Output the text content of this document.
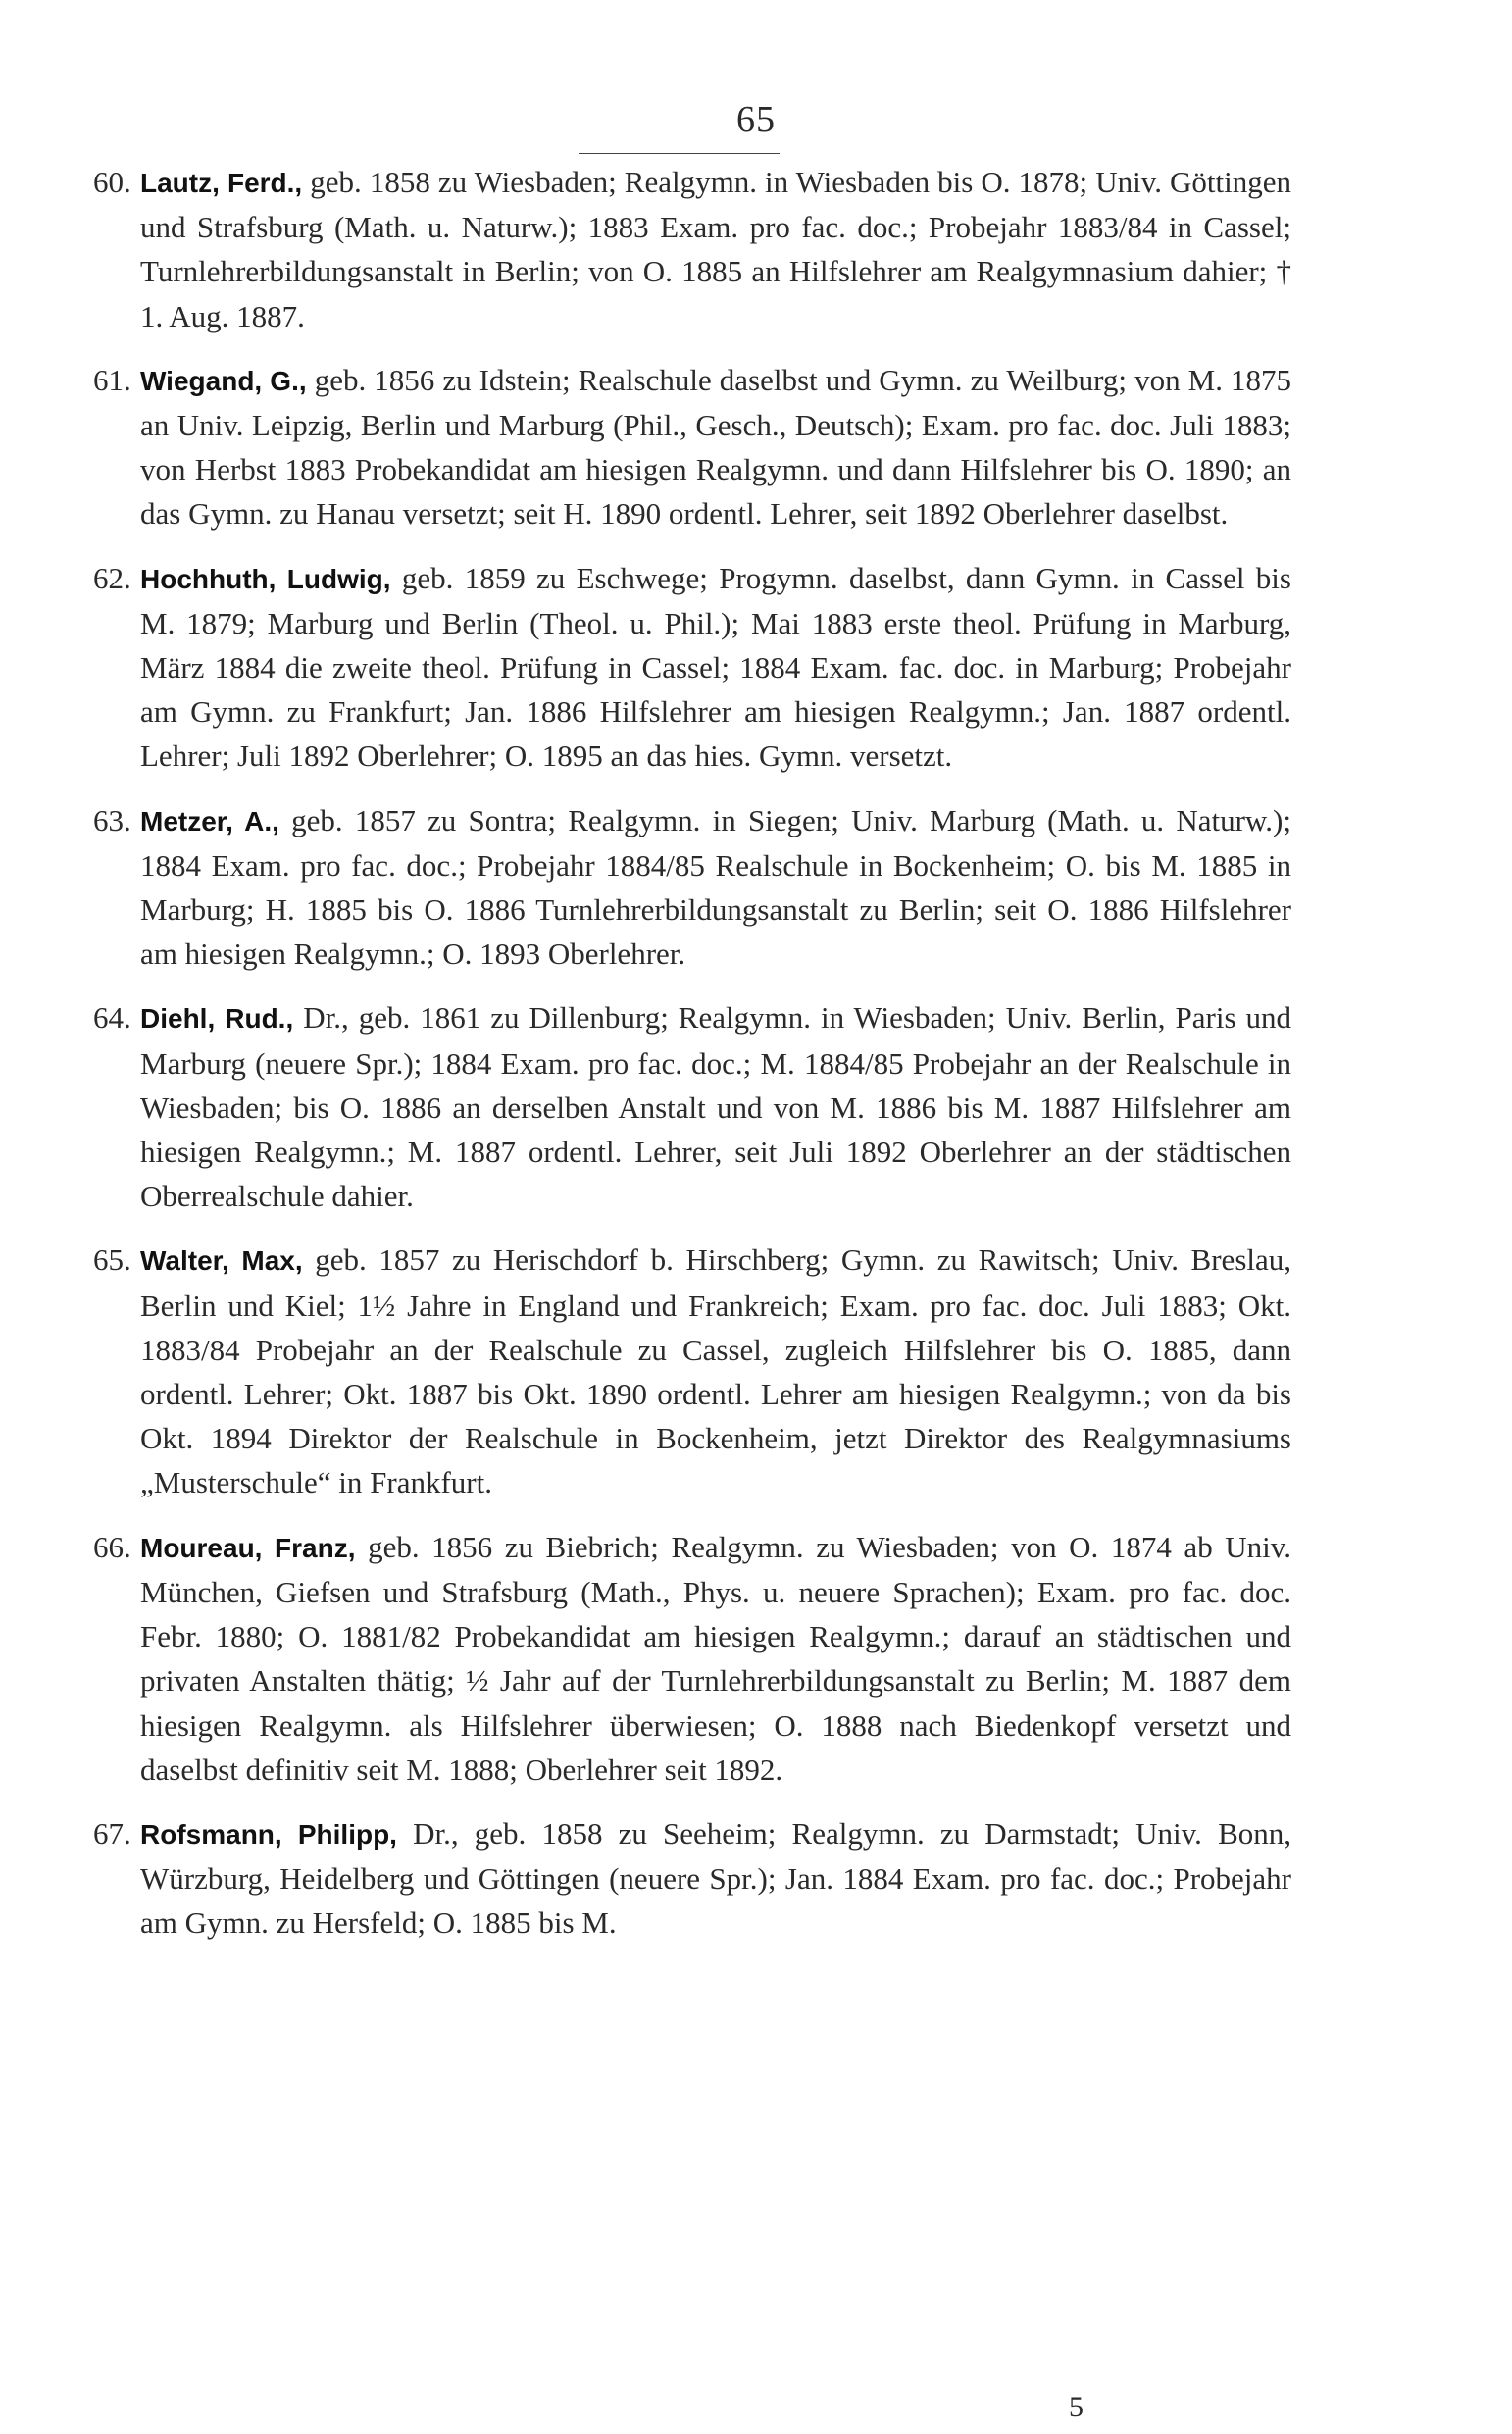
65
60. Lautz, Ferd., geb. 1858 zu Wiesbaden; Realgymn. in Wiesbaden bis O. 1878; Univ. Göttingen und Strafsburg (Math. u. Naturw.); 1883 Exam. pro fac. doc.; Probejahr 1883/84 in Cassel; Turnlehrerbildungsanstalt in Berlin; von O. 1885 an Hilfslehrer am Realgymnasium dahier; † 1. Aug. 1887.
61. Wiegand, G., geb. 1856 zu Idstein; Realschule daselbst und Gymn. zu Weilburg; von M. 1875 an Univ. Leipzig, Berlin und Marburg (Phil., Gesch., Deutsch); Exam. pro fac. doc. Juli 1883; von Herbst 1883 Probekandidat am hiesigen Realgymn. und dann Hilfslehrer bis O. 1890; an das Gymn. zu Hanau versetzt; seit H. 1890 ordentl. Lehrer, seit 1892 Oberlehrer daselbst.
62. Hochhuth, Ludwig, geb. 1859 zu Eschwege; Progymn. daselbst, dann Gymn. in Cassel bis M. 1879; Marburg und Berlin (Theol. u. Phil.); Mai 1883 erste theol. Prüfung in Marburg, März 1884 die zweite theol. Prüfung in Cassel; 1884 Exam. fac. doc. in Marburg; Probejahr am Gymn. zu Frankfurt; Jan. 1886 Hilfslehrer am hiesigen Realgymn.; Jan. 1887 ordentl. Lehrer; Juli 1892 Oberlehrer; O. 1895 an das hies. Gymn. versetzt.
63. Metzer, A., geb. 1857 zu Sontra; Realgymn. in Siegen; Univ. Marburg (Math. u. Naturw.); 1884 Exam. pro fac. doc.; Probejahr 1884/85 Realschule in Bockenheim; O. bis M. 1885 in Marburg; H. 1885 bis O. 1886 Turnlehrerbildungsanstalt zu Berlin; seit O. 1886 Hilfslehrer am hiesigen Realgymn.; O. 1893 Oberlehrer.
64. Diehl, Rud., Dr., geb. 1861 zu Dillenburg; Realgymn. in Wiesbaden; Univ. Berlin, Paris und Marburg (neuere Spr.); 1884 Exam. pro fac. doc.; M. 1884/85 Probejahr an der Realschule in Wiesbaden; bis O. 1886 an derselben Anstalt und von M. 1886 bis M. 1887 Hilfslehrer am hiesigen Realgymn.; M. 1887 ordentl. Lehrer, seit Juli 1892 Oberlehrer an der städtischen Oberrealschule dahier.
65. Walter, Max, geb. 1857 zu Herischdorf b. Hirschberg; Gymn. zu Rawitsch; Univ. Breslau, Berlin und Kiel; 1½ Jahre in England und Frankreich; Exam. pro fac. doc. Juli 1883; Okt. 1883/84 Probejahr an der Realschule zu Cassel, zugleich Hilfslehrer bis O. 1885, dann ordentl. Lehrer; Okt. 1887 bis Okt. 1890 ordentl. Lehrer am hiesigen Realgymn.; von da bis Okt. 1894 Direktor der Realschule in Bockenheim, jetzt Direktor des Realgymnasiums „Musterschule“ in Frankfurt.
66. Moureau, Franz, geb. 1856 zu Biebrich; Realgymn. zu Wiesbaden; von O. 1874 ab Univ. München, Giefsen und Strafsburg (Math., Phys. u. neuere Sprachen); Exam. pro fac. doc. Febr. 1880; O. 1881/82 Probekandidat am hiesigen Realgymn.; darauf an städtischen und privaten Anstalten thätig; ½ Jahr auf der Turnlehrerbildungsanstalt zu Berlin; M. 1887 dem hiesigen Realgymn. als Hilfslehrer überwiesen; O. 1888 nach Biedenkopf versetzt und daselbst definitiv seit M. 1888; Oberlehrer seit 1892.
67. Rofsmann, Philipp, Dr., geb. 1858 zu Seeheim; Realgymn. zu Darmstadt; Univ. Bonn, Würzburg, Heidelberg und Göttingen (neuere Spr.); Jan. 1884 Exam. pro fac. doc.; Probejahr am Gymn. zu Hersfeld; O. 1885 bis M.
5
